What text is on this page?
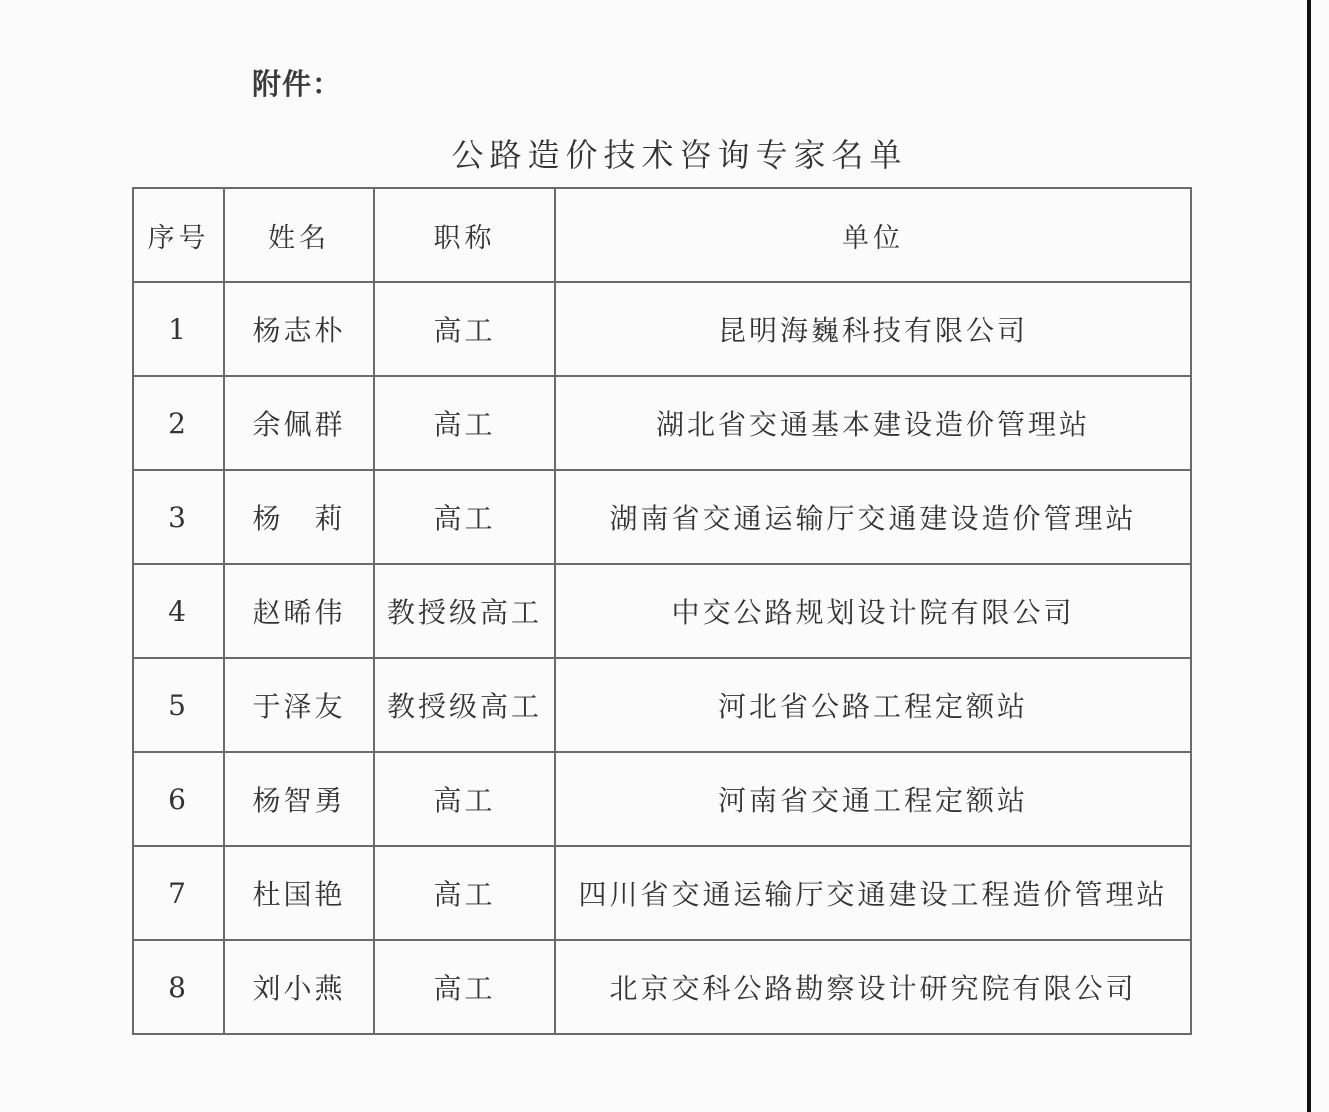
附件：
公路造价技术咨询专家名单
序号	姓名	职称	单位
1	杨志朴	高工	昆明海巍科技有限公司
2	余佩群	高工	湖北省交通基本建设造价管理站
3	杨　莉	高工	湖南省交通运输厅交通建设造价管理站
4	赵晞伟	教授级高工	中交公路规划设计院有限公司
5	于泽友	教授级高工	河北省公路工程定额站
6	杨智勇	高工	河南省交通工程定额站
7	杜国艳	高工	四川省交通运输厅交通建设工程造价管理站
8	刘小燕	高工	北京交科公路勘察设计研究院有限公司
